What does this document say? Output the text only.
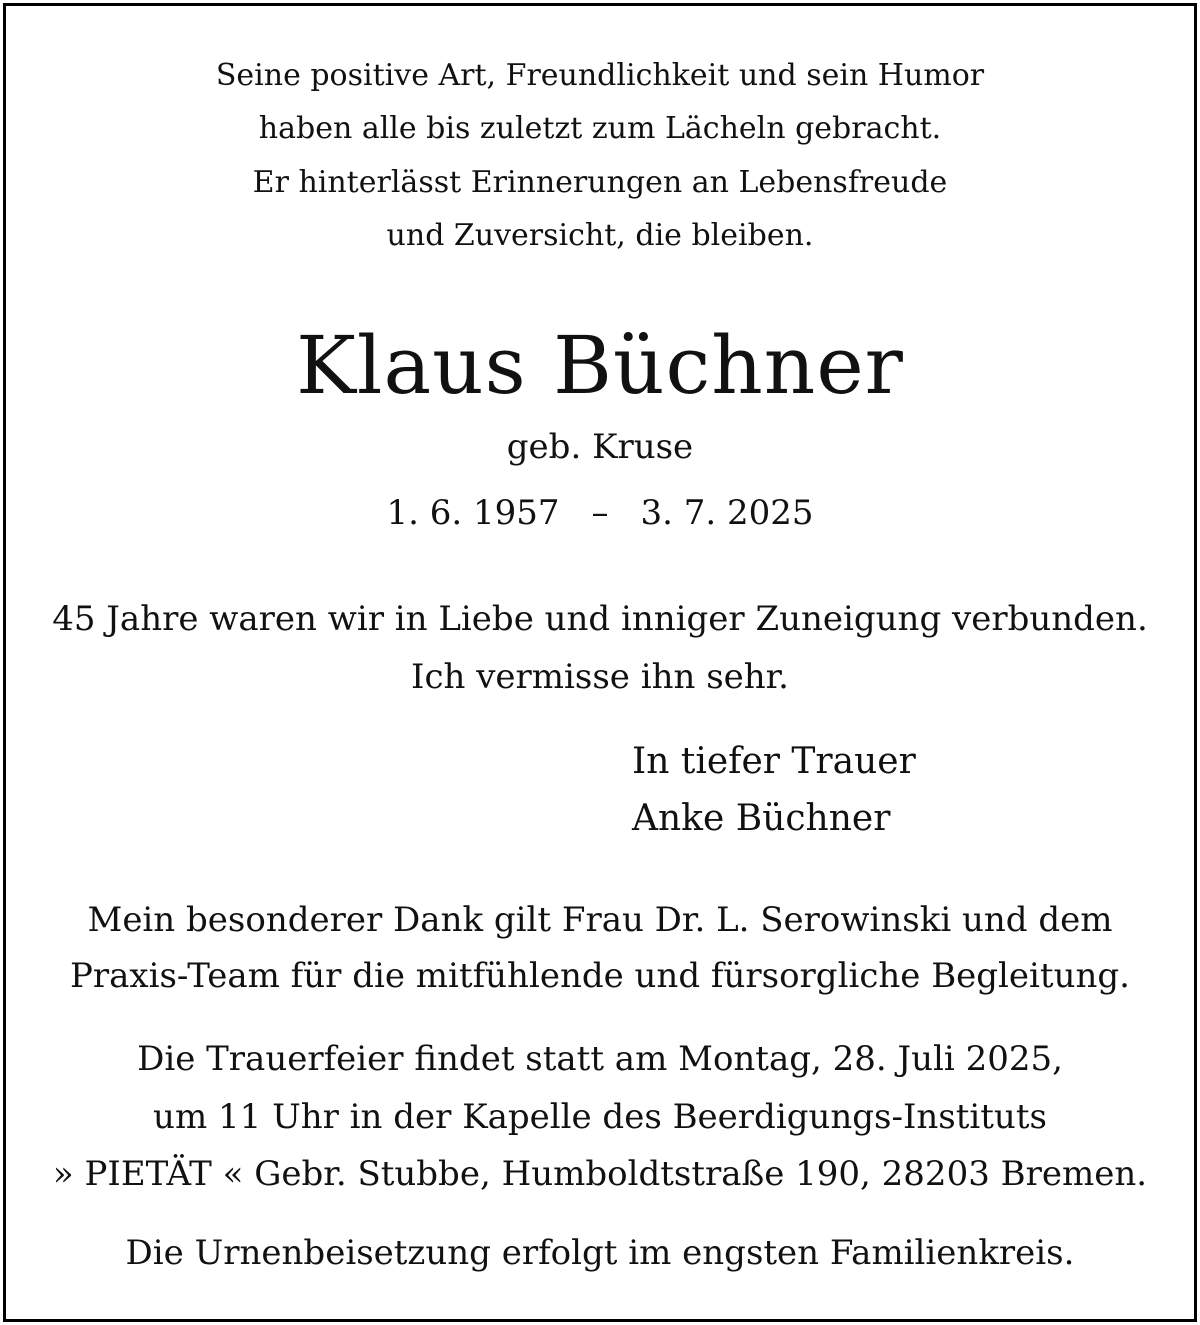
Seine positive Art, Freundlichkeit und sein Humor
haben alle bis zuletzt zum Lächeln gebracht.
Er hinterlässt Erinnerungen an Lebensfreude
und Zuversicht, die bleiben.
Klaus Büchner
geb. Kruse
1. 6. 1957 – 3. 7. 2025
45 Jahre waren wir in Liebe und inniger Zuneigung verbunden.
Ich vermisse ihn sehr.
In tiefer Trauer
Anke Büchner
Mein besonderer Dank gilt Frau Dr. L. Serowinski und dem
Praxis-Team für die mitfühlende und fürsorgliche Begleitung.
Die Trauerfeier findet statt am Montag, 28. Juli 2025,
um 11 Uhr in der Kapelle des Beerdigungs-Instituts
» PIETÄT « Gebr. Stubbe, Humboldtstraße 190, 28203 Bremen.
Die Urnenbeisetzung erfolgt im engsten Familienkreis.
